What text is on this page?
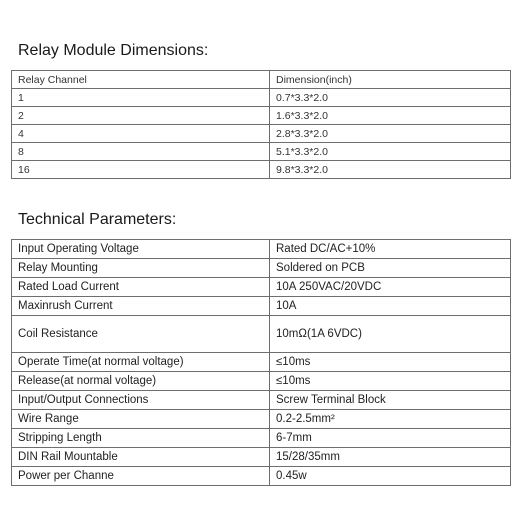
Relay Module Dimensions:
Relay Channel	Dimension(inch)
1	0.7*3.3*2.0
2	1.6*3.3*2.0
4	2.8*3.3*2.0
8	5.1*3.3*2.0
16	9.8*3.3*2.0
Technical Parameters:
Input Operating Voltage	Rated DC/AC+10%
Relay Mounting	Soldered on PCB
Rated Load Current	10A 250VAC/20VDC
Maxinrush Current	10A
Coil Resistance	10mΩ(1A 6VDC)
Operate Time(at normal voltage)	≤10ms
Release(at normal voltage)	≤10ms
Input/Output Connections	Screw Terminal Block
Wire Range	0.2-2.5mm²
Stripping Length	6-7mm
DIN Rail Mountable	15/28/35mm
Power per Channe	0.45w
